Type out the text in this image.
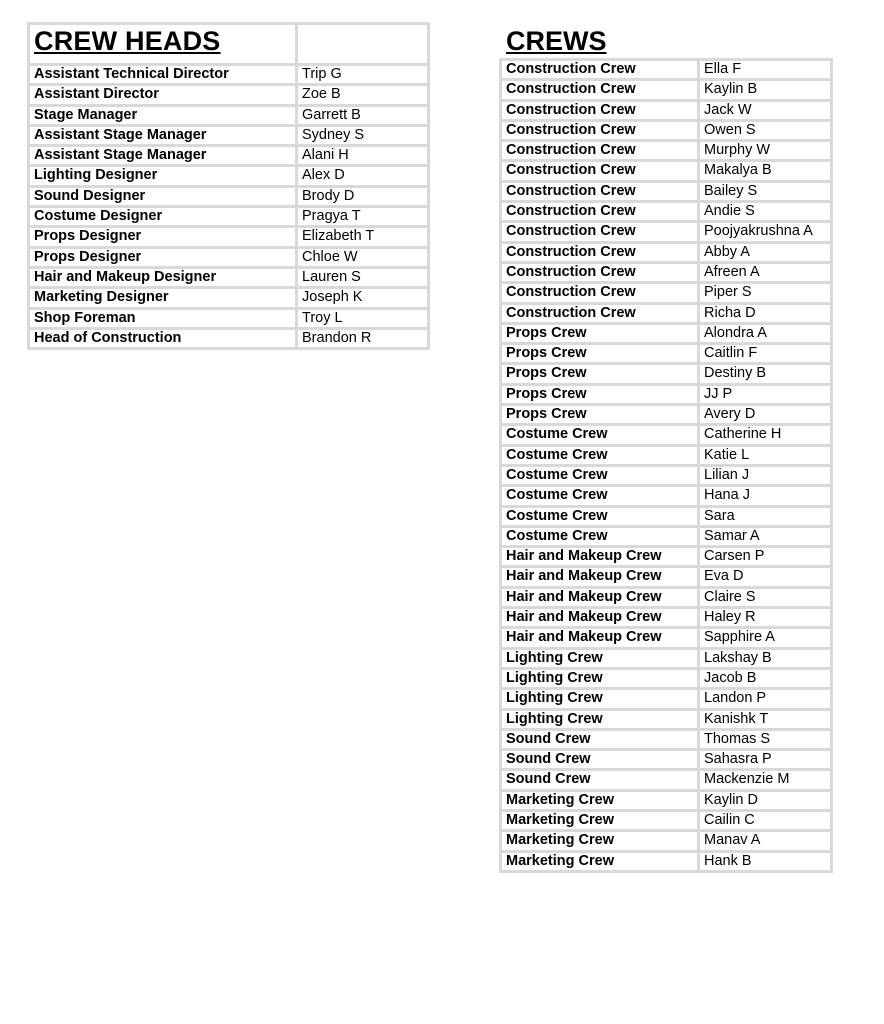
CREW HEADS	
Assistant Technical Director	Trip G
Assistant Director	Zoe B
Stage Manager	Garrett B
Assistant Stage Manager	Sydney S
Assistant Stage Manager	Alani H
Lighting Designer	Alex D
Sound Designer	Brody D
Costume Designer	Pragya T
Props Designer	Elizabeth T
Props Designer	Chloe W
Hair and Makeup Designer	Lauren S
Marketing Designer	Joseph K
Shop Foreman	Troy L
Head of Construction	Brandon R
CREWS
Construction Crew	Ella F
Construction Crew	Kaylin B
Construction Crew	Jack W
Construction Crew	Owen S
Construction Crew	Murphy W
Construction Crew	Makalya B
Construction Crew	Bailey S
Construction Crew	Andie S
Construction Crew	Poojyakrushna A
Construction Crew	Abby A
Construction Crew	Afreen A
Construction Crew	Piper S
Construction Crew	Richa D
Props Crew	Alondra A
Props Crew	Caitlin F
Props Crew	Destiny B
Props Crew	JJ P
Props Crew	Avery D
Costume Crew	Catherine H
Costume Crew	Katie L
Costume Crew	Lilian J
Costume Crew	Hana J
Costume Crew	Sara
Costume Crew	Samar A
Hair and Makeup Crew	Carsen P
Hair and Makeup Crew	Eva D
Hair and Makeup Crew	Claire S
Hair and Makeup Crew	Haley R
Hair and Makeup Crew	Sapphire A
Lighting Crew	Lakshay B
Lighting Crew	Jacob B
Lighting Crew	Landon P
Lighting Crew	Kanishk T
Sound Crew	Thomas S
Sound Crew	Sahasra P
Sound Crew	Mackenzie M
Marketing Crew	Kaylin D
Marketing Crew	Cailin C
Marketing Crew	Manav A
Marketing Crew	Hank B
